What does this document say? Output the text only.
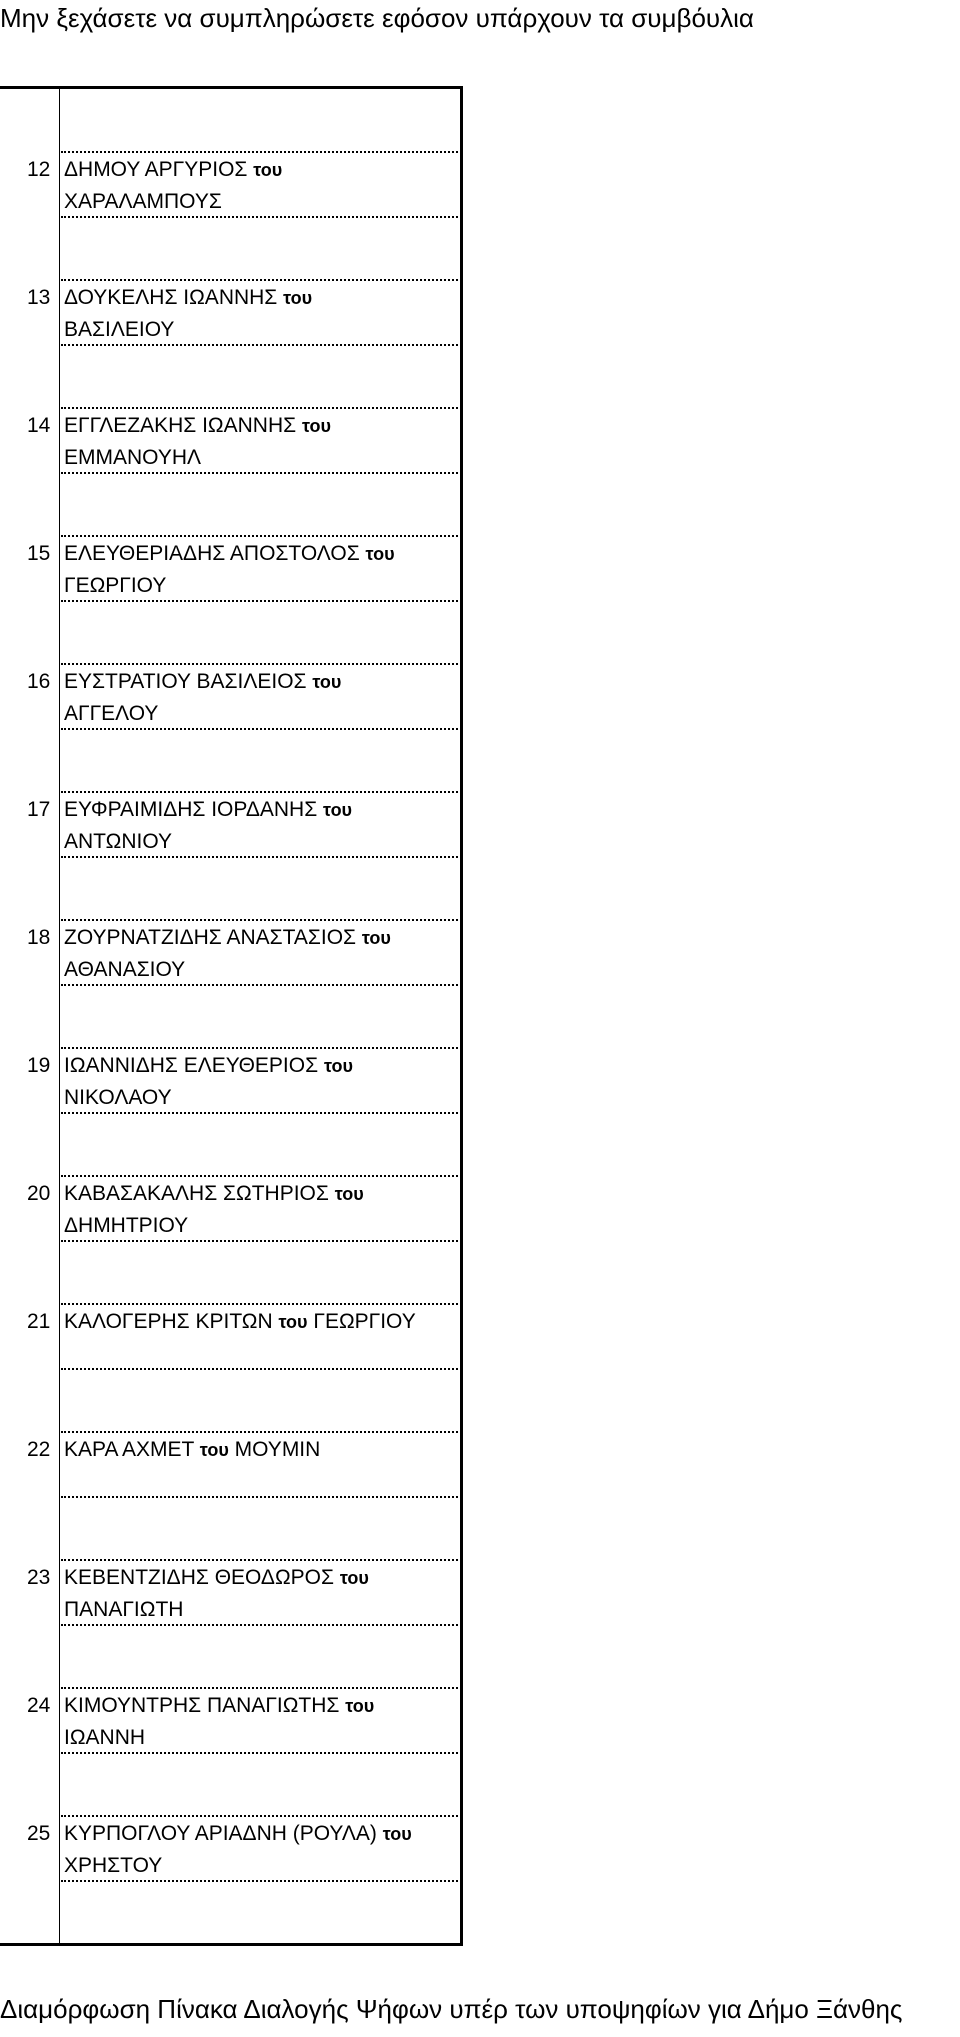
Μην ξεχάσετε να συμπληρώσετε εφόσον υπάρχουν τα συμβόυλια
12 ΔΗΜΟΥ ΑΡΓΥΡΙΟΣ του
ΧΑΡΑΛΑΜΠΟΥΣ
13 ΔΟΥΚΕΛΗΣ ΙΩΑΝΝΗΣ του
ΒΑΣΙΛΕΙΟΥ
14 ΕΓΓΛΕΖΑΚΗΣ ΙΩΑΝΝΗΣ του
ΕΜΜΑΝΟΥΗΛ
15 ΕΛΕΥΘΕΡΙΑΔΗΣ ΑΠΟΣΤΟΛΟΣ του
ΓΕΩΡΓΙΟΥ
16 ΕΥΣΤΡΑΤΙΟΥ ΒΑΣΙΛΕΙΟΣ του
ΑΓΓΕΛΟΥ
17 ΕΥΦΡΑΙΜΙΔΗΣ ΙΟΡΔΑΝΗΣ του
ΑΝΤΩΝΙΟΥ
18 ΖΟΥΡΝΑΤΖΙΔΗΣ ΑΝΑΣΤΑΣΙΟΣ του
ΑΘΑΝΑΣΙΟΥ
19 ΙΩΑΝΝΙΔΗΣ ΕΛΕΥΘΕΡΙΟΣ του
ΝΙΚΟΛΑΟΥ
20 ΚΑΒΑΣΑΚΑΛΗΣ ΣΩΤΗΡΙΟΣ του
ΔΗΜΗΤΡΙΟΥ
21 ΚΑΛΟΓΕΡΗΣ ΚΡΙΤΩΝ του ΓΕΩΡΓΙΟΥ
22 ΚΑΡΑ ΑΧΜΕΤ του ΜΟΥΜΙΝ
23 ΚΕΒΕΝΤΖΙΔΗΣ ΘΕΟΔΩΡΟΣ του
ΠΑΝΑΓΙΩΤΗ
24 ΚΙΜΟΥΝΤΡΗΣ ΠΑΝΑΓΙΩΤΗΣ του
ΙΩΑΝΝΗ
25 ΚΥΡΠΟΓΛΟΥ ΑΡΙΑΔΝΗ (ΡΟΥΛΑ) του
ΧΡΗΣΤΟΥ
Διαμόρφωση Πίνακα Διαλογής Ψήφων υπέρ των υποψηφίων για Δήμο Ξάνθης
